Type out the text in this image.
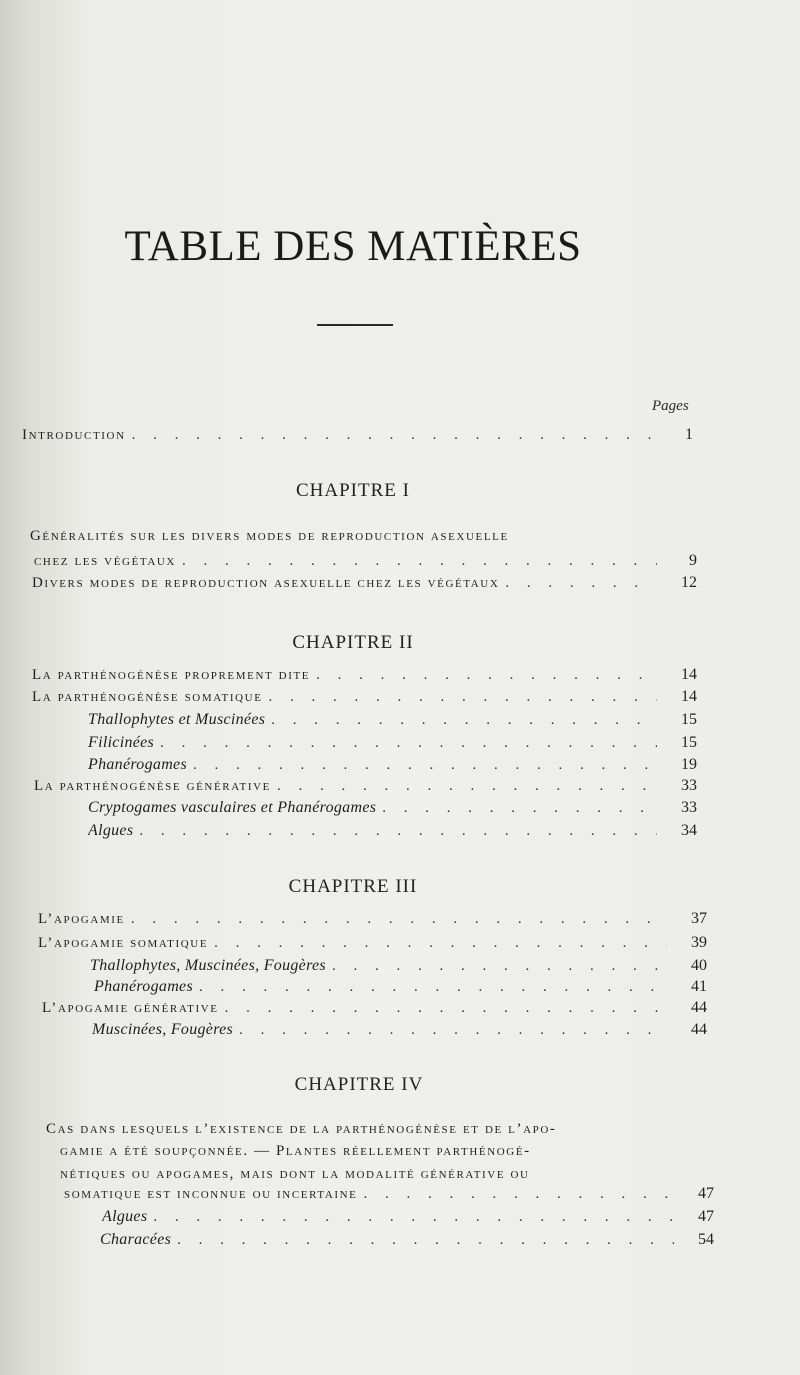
TABLE DES MATIÈRES
Pages
Introduction . . .	1
CHAPITRE I
Généralités sur les divers modes de reproduction asexuelle
chez les végétaux . . .	9
Divers modes de reproduction asexuelle chez les végétaux . . .	12
CHAPITRE II
La parthénogénèse proprement dite . . .	14
La parthénogénèse somatique . . .	14
Thallophytes et Muscinées . . .	15
Filicinées . . .	15
Phanérogames . . .	19
La parthénogénèse générative . . .	33
Cryptogames vasculaires et Phanérogames . . .	33
Algues . . .	34
CHAPITRE III
L’apogamie . . .	37
L’apogamie somatique . . .	39
Thallophytes, Muscinées, Fougères . . .	40
Phanérogames . . .	41
L’apogamie générative . . .	44
Muscinées, Fougères . . .	44
CHAPITRE IV
Cas dans lesquels l’existence de la parthénogénèse et de l’apo-
gamie a été soupçonnée. — Plantes réellement parthénogé-
nétiques ou apogames, mais dont la modalité générative ou
somatique est inconnue ou incertaine . . .	47
Algues . . .	47
Characées . . .	54
